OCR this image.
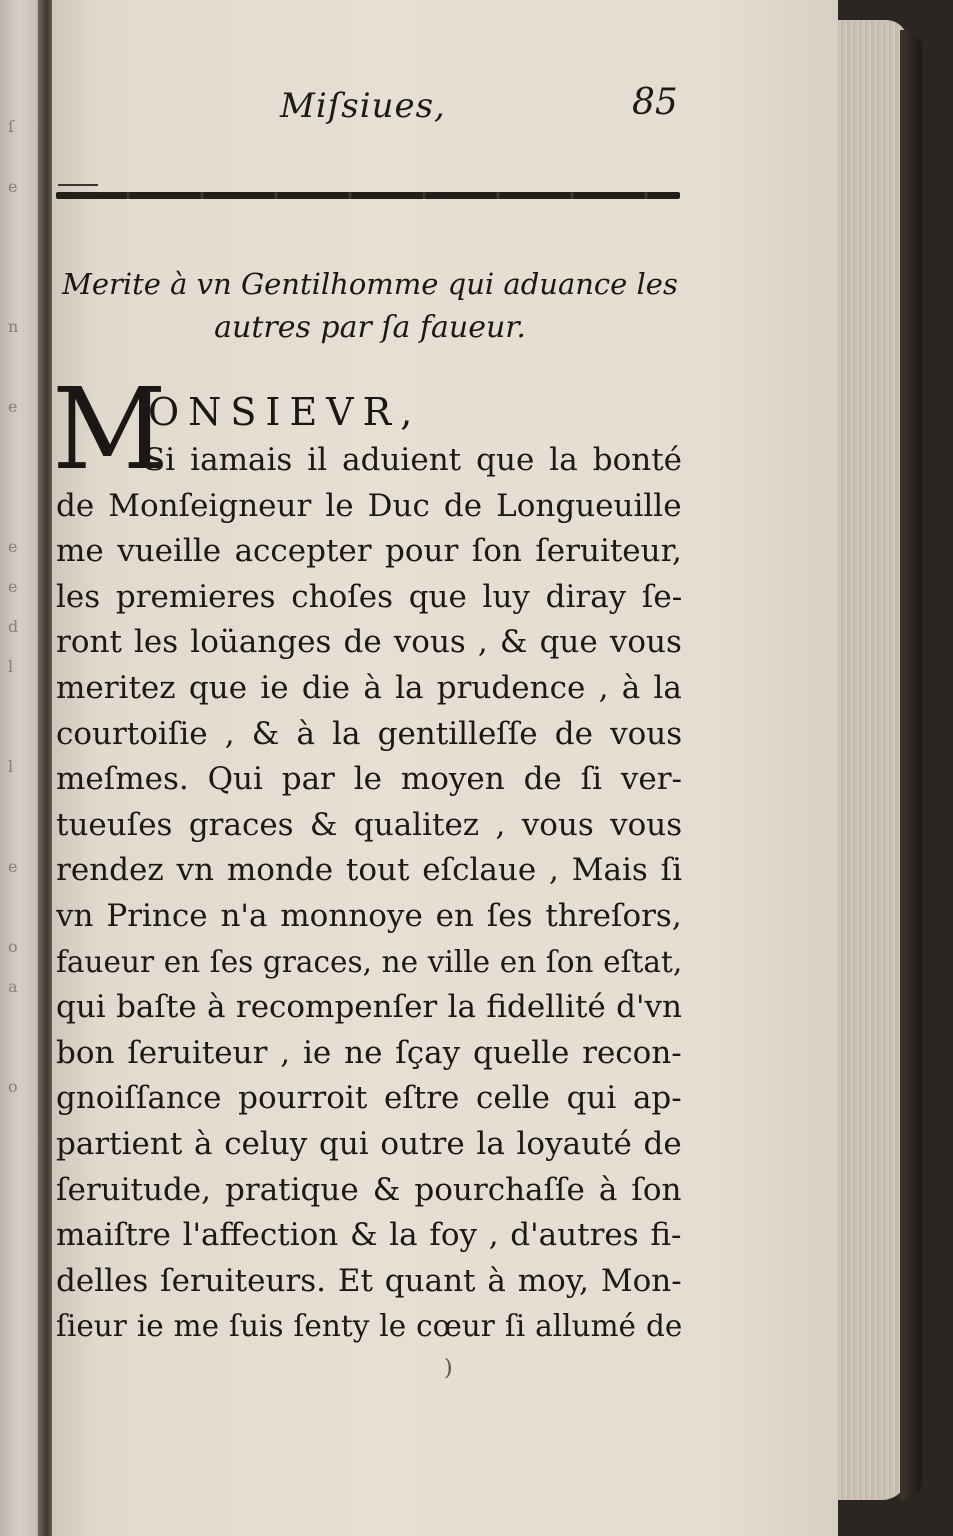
ſ
e
n
e
e
e
d
l
l
e
o
a
o
Miſsiues,	85
Merite à vn Gentilhomme qui aduance les
autres par ſa faueur.
M
ONSIEVR,
Si iamais il aduient que la bonté
de Monſeigneur le Duc de Longueuille
me vueille accepter pour ſon ſeruiteur,
les premieres choſes que luy diray ſe-
ront les loüanges de vous , & que vous
meritez que ie die à la prudence , à la
courtoiſie , & à la gentilleſſe de vous
meſmes. Qui par le moyen de ſi ver-
tueuſes graces & qualitez , vous vous
rendez vn monde tout eſclaue , Mais ſi
vn Prince n'a monnoye en ſes threſors,
faueur en ſes graces, ne ville en ſon eſtat,
qui baſte à recompenſer la fidellité d'vn
bon ſeruiteur , ie ne ſçay quelle recon-
gnoiſſance pourroit eſtre celle qui ap-
partient à celuy qui outre la loyauté de
ſeruitude, pratique & pourchaſſe à ſon
maiſtre l'affection & la foy , d'autres fi-
delles ſeruiteurs. Et quant à moy, Mon-
ſieur ie me ſuis ſenty le cœur ſi allumé de
)
